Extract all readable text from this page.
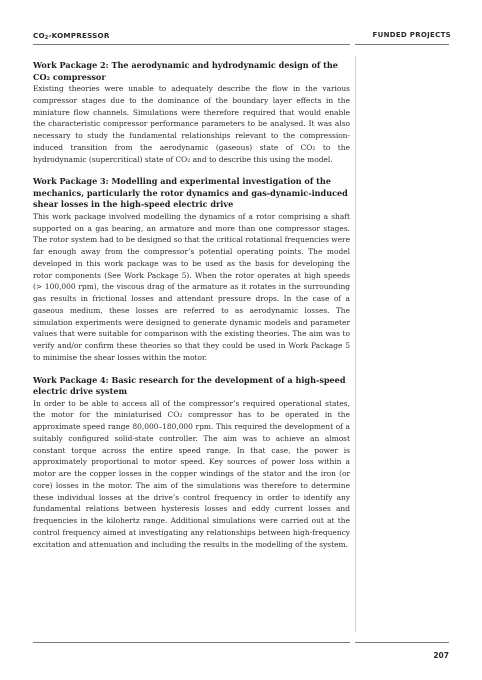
$CO_2$-KOMPRESSOR	FUNDED PROJECTS

Work Package 2: The aerodynamic and hydrodynamic design of the CO₂ compressor

Existing theories were unable to adequately describe the flow in the various compressor stages due to the dominance of the boundary layer effects in the miniature flow channels. Simulations were therefore required that would enable the characteristic compressor performance parameters to be analysed. It was also necessary to study the fundamental relationships relevant to the compression-induced transition from the aerodynamic (gaseous) state of CO₂ to the hydrodynamic (supercritical) state of CO₂ and to describe this using the model.

Work Package 3: Modelling and experimental investigation of the mechanics, particularly the rotor dynamics and gas-dynamic-induced shear losses in the high-speed electric drive

This work package involved modelling the dynamics of a rotor comprising a shaft supported on a gas bearing, an armature and more than one compressor stages. The rotor system had to be designed so that the critical rotational frequencies were far enough away from the compressor’s potential operating points. The model developed in this work package was to be used as the basis for developing the rotor components (See Work Package 5). When the rotor operates at high speeds (> 100,000 rpm), the viscous drag of the armature as it rotates in the surrounding gas results in frictional losses and attendant pressure drops. In the case of a gaseous medium, these losses are referred to as aerodynamic losses. The simulation experiments were designed to generate dynamic models and parameter values that were suitable for comparison with the existing theories. The aim was to verify and/or confirm these theories so that they could be used in Work Package 5 to minimise the shear losses within the motor.

Work Package 4: Basic research for the development of a high-speed electric drive system

In order to be able to access all of the compressor’s required operational states, the motor for the miniaturised CO₂ compressor has to be operated in the approximate speed range 80,000–180,000 rpm. This required the development of a suitably configured solid-state controller. The aim was to achieve an almost constant torque across the entire speed range. In that case, the power is approximately proportional to motor speed. Key sources of power loss within a motor are the copper losses in the copper windings of the stator and the iron (or core) losses in the motor. The aim of the simulations was therefore to determine these individual losses at the drive’s control frequency in order to identify any fundamental relations between hysteresis losses and eddy current losses and frequencies in the kilohertz range. Additional simulations were carried out at the control frequency aimed at investigating any relationships between high-frequency excitation and attenuation and including the results in the modelling of the system.

207
